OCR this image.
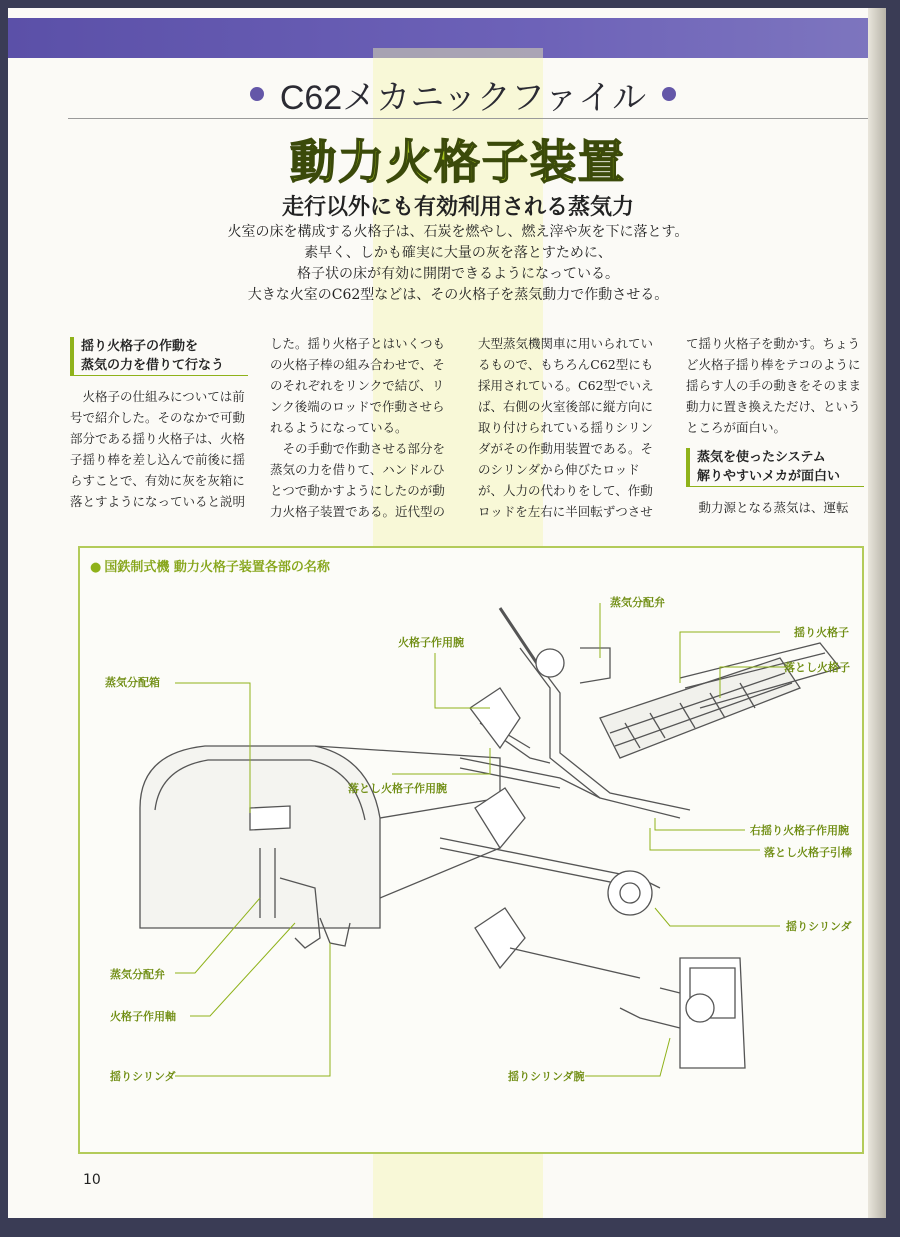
C62メカニックファイル
動力火格子装置
走行以外にも有効利用される蒸気力

火室の床を構成する火格子は、石炭を燃やし、燃え滓や灰を下に落とす。

素早く、しかも確実に大量の灰を落とすために、

格子状の床が有効に開閉できるようになっている。

大きな火室のC62型などは、その火格子を蒸気動力で作動させる。

揺り火格子の作動を
蒸気の力を借りて行なう

火格子の仕組みについては前号で紹介した。そのなかで可動部分である揺り火格子は、火格子揺り棒を差し込んで前後に揺らすことで、有効に灰を灰箱に落とすようになっていると説明

した。揺り火格子とはいくつもの火格子棒の組み合わせで、そのそれぞれをリンクで結び、リンク後端のロッドで作動させられるようになっている。

その手動で作動させる部分を蒸気の力を借りて、ハンドルひとつで動かすようにしたのが動力火格子装置である。近代型の

大型蒸気機関車に用いられているもので、もちろんC62型にも採用されている。C62型でいえば、右側の火室後部に縦方向に取り付けられている揺りシリンダがその作動用装置である。そのシリンダから伸びたロッドが、人力の代わりをして、作動ロッドを左右に半回転ずつさせ

て揺り火格子を動かす。ちょうど火格子揺り棒をテコのように揺らす人の手の動きをそのまま動力に置き換えただけ、というところが面白い。

蒸気を使ったシステム
解りやすいメカが面白い

動力源となる蒸気は、運転

● 国鉄制式機 動力火格子装置各部の名称
蒸気分配箱
火格子作用腕
蒸気分配弁
揺り火格子
落とし火格子
落とし火格子作用腕
右揺り火格子作用腕
落とし火格子引棒
揺りシリンダ
蒸気分配弁
火格子作用軸
揺りシリンダ	揺りシリンダ腕
10
